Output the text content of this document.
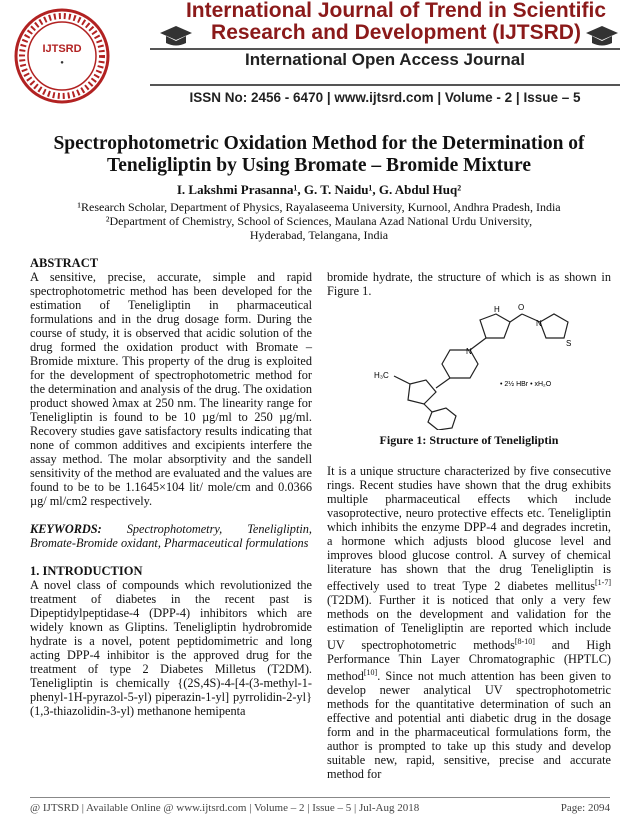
IJTSRD
●
International Journal of Trend in Scientific
Research and Development (IJTSRD)
International Open Access Journal
ISSN No: 2456 - 6470 | www.ijtsrd.com | Volume - 2 | Issue – 5
Spectrophotometric Oxidation Method for the Determination of
Teneligliptin by Using Bromate – Bromide Mixture
I. Lakshmi Prasanna¹, G. T. Naidu¹, G. Abdul Huq²
¹Research Scholar, Department of Physics, Rayalaseema University, Kurnool, Andhra Pradesh, India
²Department of Chemistry, School of Sciences, Maulana Azad National Urdu University,
Hyderabad, Telangana, India

ABSTRACT

A sensitive, precise, accurate, simple and rapid spectrophotometric method has been developed for the estimation of Teneligliptin in pharmaceutical formulations and in the drug dosage form. During the course of study, it is observed that acidic solution of the drug formed the oxidation product with Bromate – Bromide mixture. This property of the drug is exploited for the development of spectrophotometric method for the determination and analysis of the drug. The oxidation product showed λmax at 250 nm. The linearity range for Teneligliptin is found to be 10 µg/ml to 250 µg/ml. Recovery studies gave satisfactory results indicating that none of common additives and excipients interfere the assay method. The molar absorptivity and the sandell sensitivity of the method are evaluated and the values are found to be to be 1.1645×104 lit/ mole/cm and 0.0366 µg/ ml/cm2 respectively.

KEYWORDS: Spectrophotometry, Teneligliptin, Bromate-Bromide oxidant, Pharmaceutical formulations

1. INTRODUCTION

A novel class of compounds which revolutionized the treatment of diabetes in the recent past is Dipeptidylpeptidase-4 (DPP-4) inhibitors which are widely known as Gliptins. Teneligliptin hydrobromide hydrate is a novel, potent peptidomimetric and long acting DPP-4 inhibitor is the approved drug for the treatment of type 2 Diabetes Milletus (T2DM). Teneligliptin is chemically {(2S,4S)-4-[4-(3-methyl-1-phenyl-1H-pyrazol-5-yl) piperazin-1-yl] pyrrolidin-2-yl}(1,3-thiazolidin-3-yl) methanone hemipenta

bromide hydrate, the structure of which is as shown in Figure 1.

O
N
S
H
N
H₃C
• 2½ HBr • xH₂O
Figure 1: Structure of Teneligliptin

It is a unique structure characterized by five consecutive rings. Recent studies have shown that the drug exhibits multiple pharmaceutical effects which include vasoprotective, neuro protective effects etc. Teneligliptin which inhibits the enzyme DPP-4 and degrades incretin, a hormone which adjusts blood glucose level and improves blood glucose control. A survey of chemical literature has shown that the drug Teneligliptin is effectively used to treat Type 2 diabetes mellitus[1-7] (T2DM). Further it is noticed that only a very few methods on the development and validation for the estimation of Teneligliptin are reported which include UV spectrophotometric methods[8-10] and High Performance Thin Layer Chromatographic (HPTLC) method[10]. Since not much attention has been given to develop newer analytical UV spectrophotometric methods for the quantitative determination of such an effective and potential anti diabetic drug in the dosage form and in the pharmaceutical formulations form, the author is prompted to take up this study and develop suitable new, rapid, sensitive, precise and accurate method for

@ IJTSRD | Available Online @ www.ijtsrd.com | Volume – 2 | Issue – 5 | Jul-Aug 2018	Page: 2094
